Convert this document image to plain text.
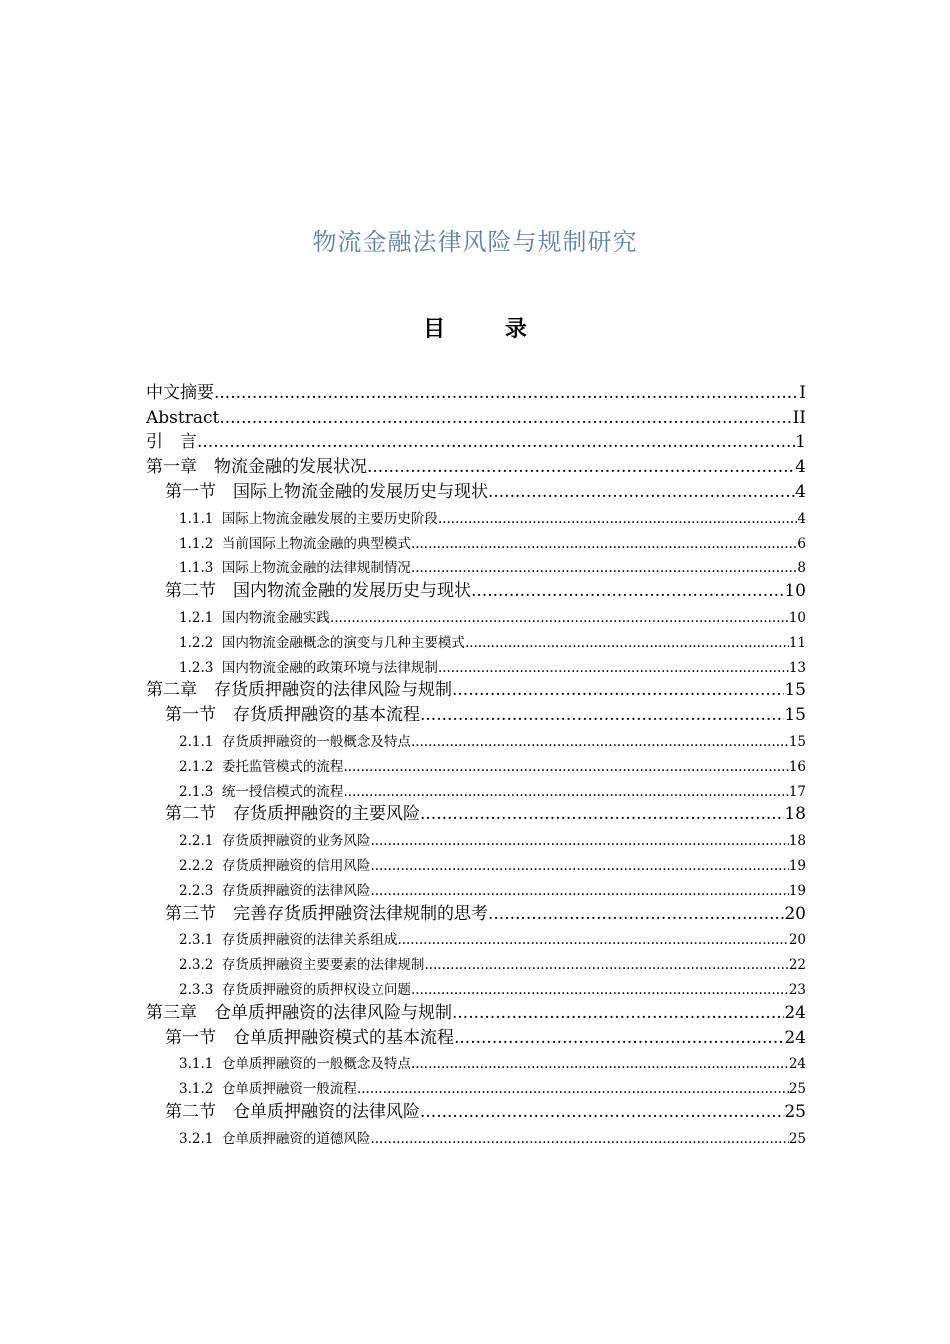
物流金融法律风险与规制研究
目 录
中文摘要 .....	I
Abstract .....	II
引　言 .....	1
第一章　物流金融的发展状况 .....	4
第一节　国际上物流金融的发展历史与现状 .....	4
1.1.1  国际上物流金融发展的主要历史阶段 .....	4
1.1.2  当前国际上物流金融的典型模式 .....	6
1.1.3  国际上物流金融的法律规制情况 .....	8
第二节　国内物流金融的发展历史与现状 .....	10
1.2.1  国内物流金融实践 .....	10
1.2.2  国内物流金融概念的演变与几种主要模式 .....	11
1.2.3  国内物流金融的政策环境与法律规制 .....	13
第二章　存货质押融资的法律风险与规制 .....	15
第一节　存货质押融资的基本流程 .....	15
2.1.1  存货质押融资的一般概念及特点 .....	15
2.1.2  委托监管模式的流程 .....	16
2.1.3  统一授信模式的流程 .....	17
第二节　存货质押融资的主要风险 .....	18
2.2.1  存货质押融资的业务风险 .....	18
2.2.2  存货质押融资的信用风险 .....	19
2.2.3  存货质押融资的法律风险 .....	19
第三节　完善存货质押融资法律规制的思考 .....	20
2.3.1  存货质押融资的法律关系组成 .....	20
2.3.2  存货质押融资主要要素的法律规制 .....	22
2.3.3  存货质押融资的质押权设立问题 .....	23
第三章　仓单质押融资的法律风险与规制 .....	24
第一节　仓单质押融资模式的基本流程 .....	24
3.1.1  仓单质押融资的一般概念及特点 .....	24
3.1.2  仓单质押融资一般流程 .....	25
第二节　仓单质押融资的法律风险 .....	25
3.2.1  仓单质押融资的道德风险 .....	25
